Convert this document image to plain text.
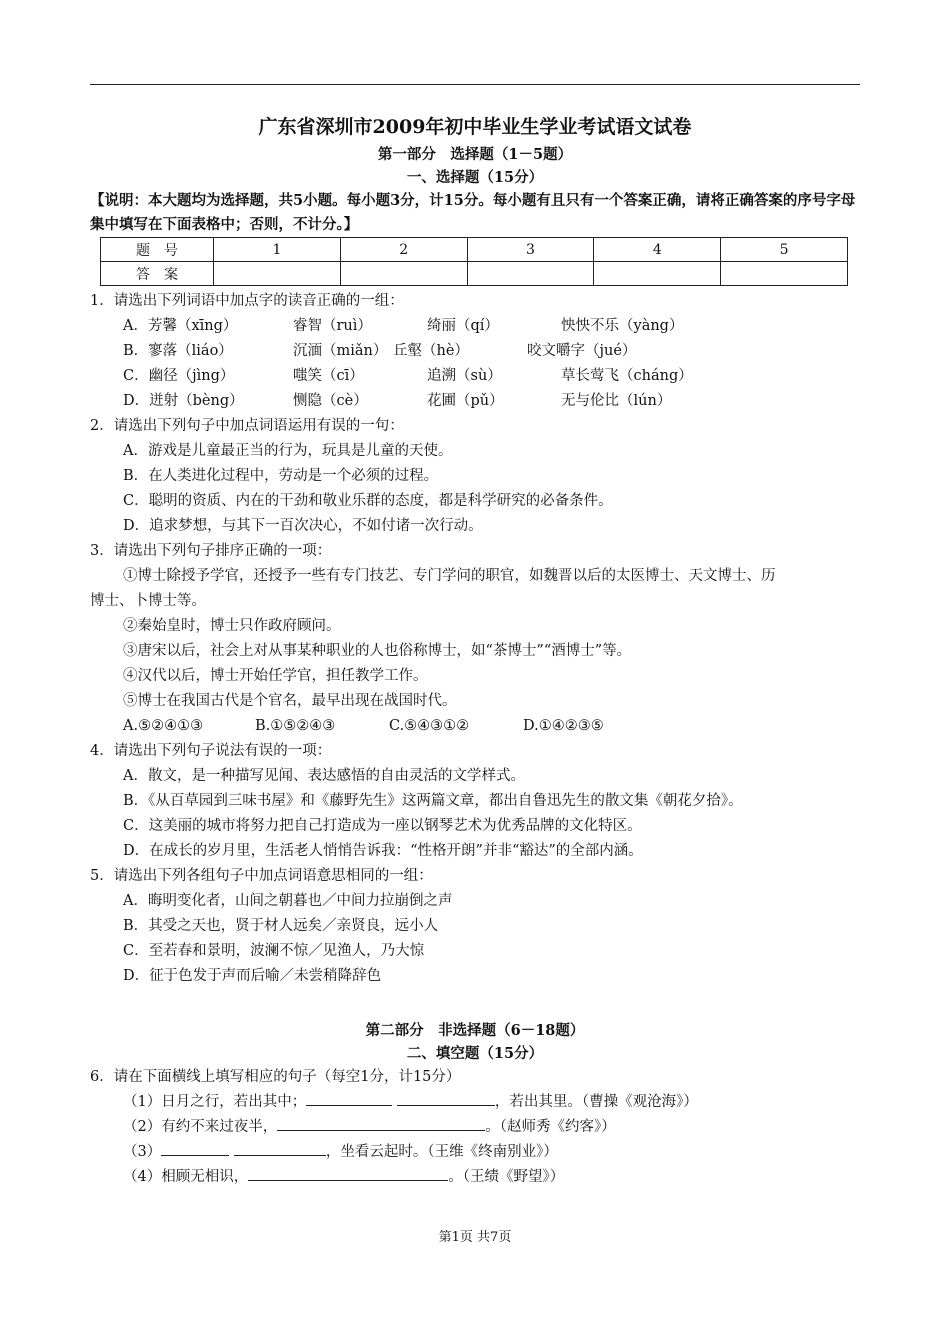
广东省深圳市2009年初中毕业生学业考试语文试卷
第一部分　选择题（1－5题）
一、选择题（15分）
【说明：本大题均为选择题，共5小题。每小题3分，计15分。每小题有且只有一个答案正确，请将正确答案的序号字母集中填写在下面表格中；否则，不计分。】
题　号	1	2	3	4	5
答　案					
1．请选出下列词语中加点字的读音正确的一组：
A．芳馨（xīng）	睿智（ruì）	绮丽（qí）	怏怏不乐（yàng）
B．寥落（liáo）	沉湎（miǎn） 丘壑（hè）	咬文嚼字（jué）
C．幽径（jìng）	嗤笑（cī）	追溯（sù）	草长莺飞（cháng）
D．迸射（bèng）	恻隐（cè）	花圃（pǔ）	无与伦比（lún）
2．请选出下列句子中加点词语运用有误的一句：
A．游戏是儿童最正当的行为，玩具是儿童的天使。
B．在人类进化过程中，劳动是一个必须的过程。
C．聪明的资质、内在的干劲和敬业乐群的态度，都是科学研究的必备条件。
D．追求梦想，与其下一百次决心，不如付诸一次行动。
3．请选出下列句子排序正确的一项：
①博士除授予学官，还授予一些有专门技艺、专门学问的职官，如魏晋以后的太医博士、天文博士、历
博士、卜博士等。
②秦始皇时，博士只作政府顾问。
③唐宋以后，社会上对从事某种职业的人也俗称博士，如“茶博士”“酒博士”等。
④汉代以后，博士开始任学官，担任教学工作。
⑤博士在我国古代是个官名，最早出现在战国时代。
A.⑤②④①③	B.①⑤②④③	C.⑤④③①②	D.①④②③⑤
4．请选出下列句子说法有误的一项：
A．散文，是一种描写见闻、表达感悟的自由灵活的文学样式。
B．《从百草园到三味书屋》和《藤野先生》这两篇文章，都出自鲁迅先生的散文集《朝花夕拾》。
C．这美丽的城市将努力把自己打造成为一座以钢琴艺术为优秀品牌的文化特区。
D．在成长的岁月里，生活老人悄悄告诉我：“性格开朗”并非“豁达”的全部内涵。
5．请选出下列各组句子中加点词语意思相同的一组：
A．晦明变化者，山间之朝暮也／中间力拉崩倒之声
B．其受之天也，贤于材人远矣／亲贤良，远小人
C．至若春和景明，波澜不惊／见渔人，乃大惊
D．征于色发于声而后喻／未尝稍降辞色
第二部分　非选择题（6－18题）
二、填空题（15分）
6．请在下面横线上填写相应的句子（每空1分，计15分）
（1）日月之行，若出其中；	，若出其里。（曹操《观沧海》）
（2）有约不来过夜半，	。（赵师秀《约客》）
（3）	，坐看云起时。（王维《终南别业》）
（4）相顾无相识，	。（王绩《野望》）
第1页 共7页
